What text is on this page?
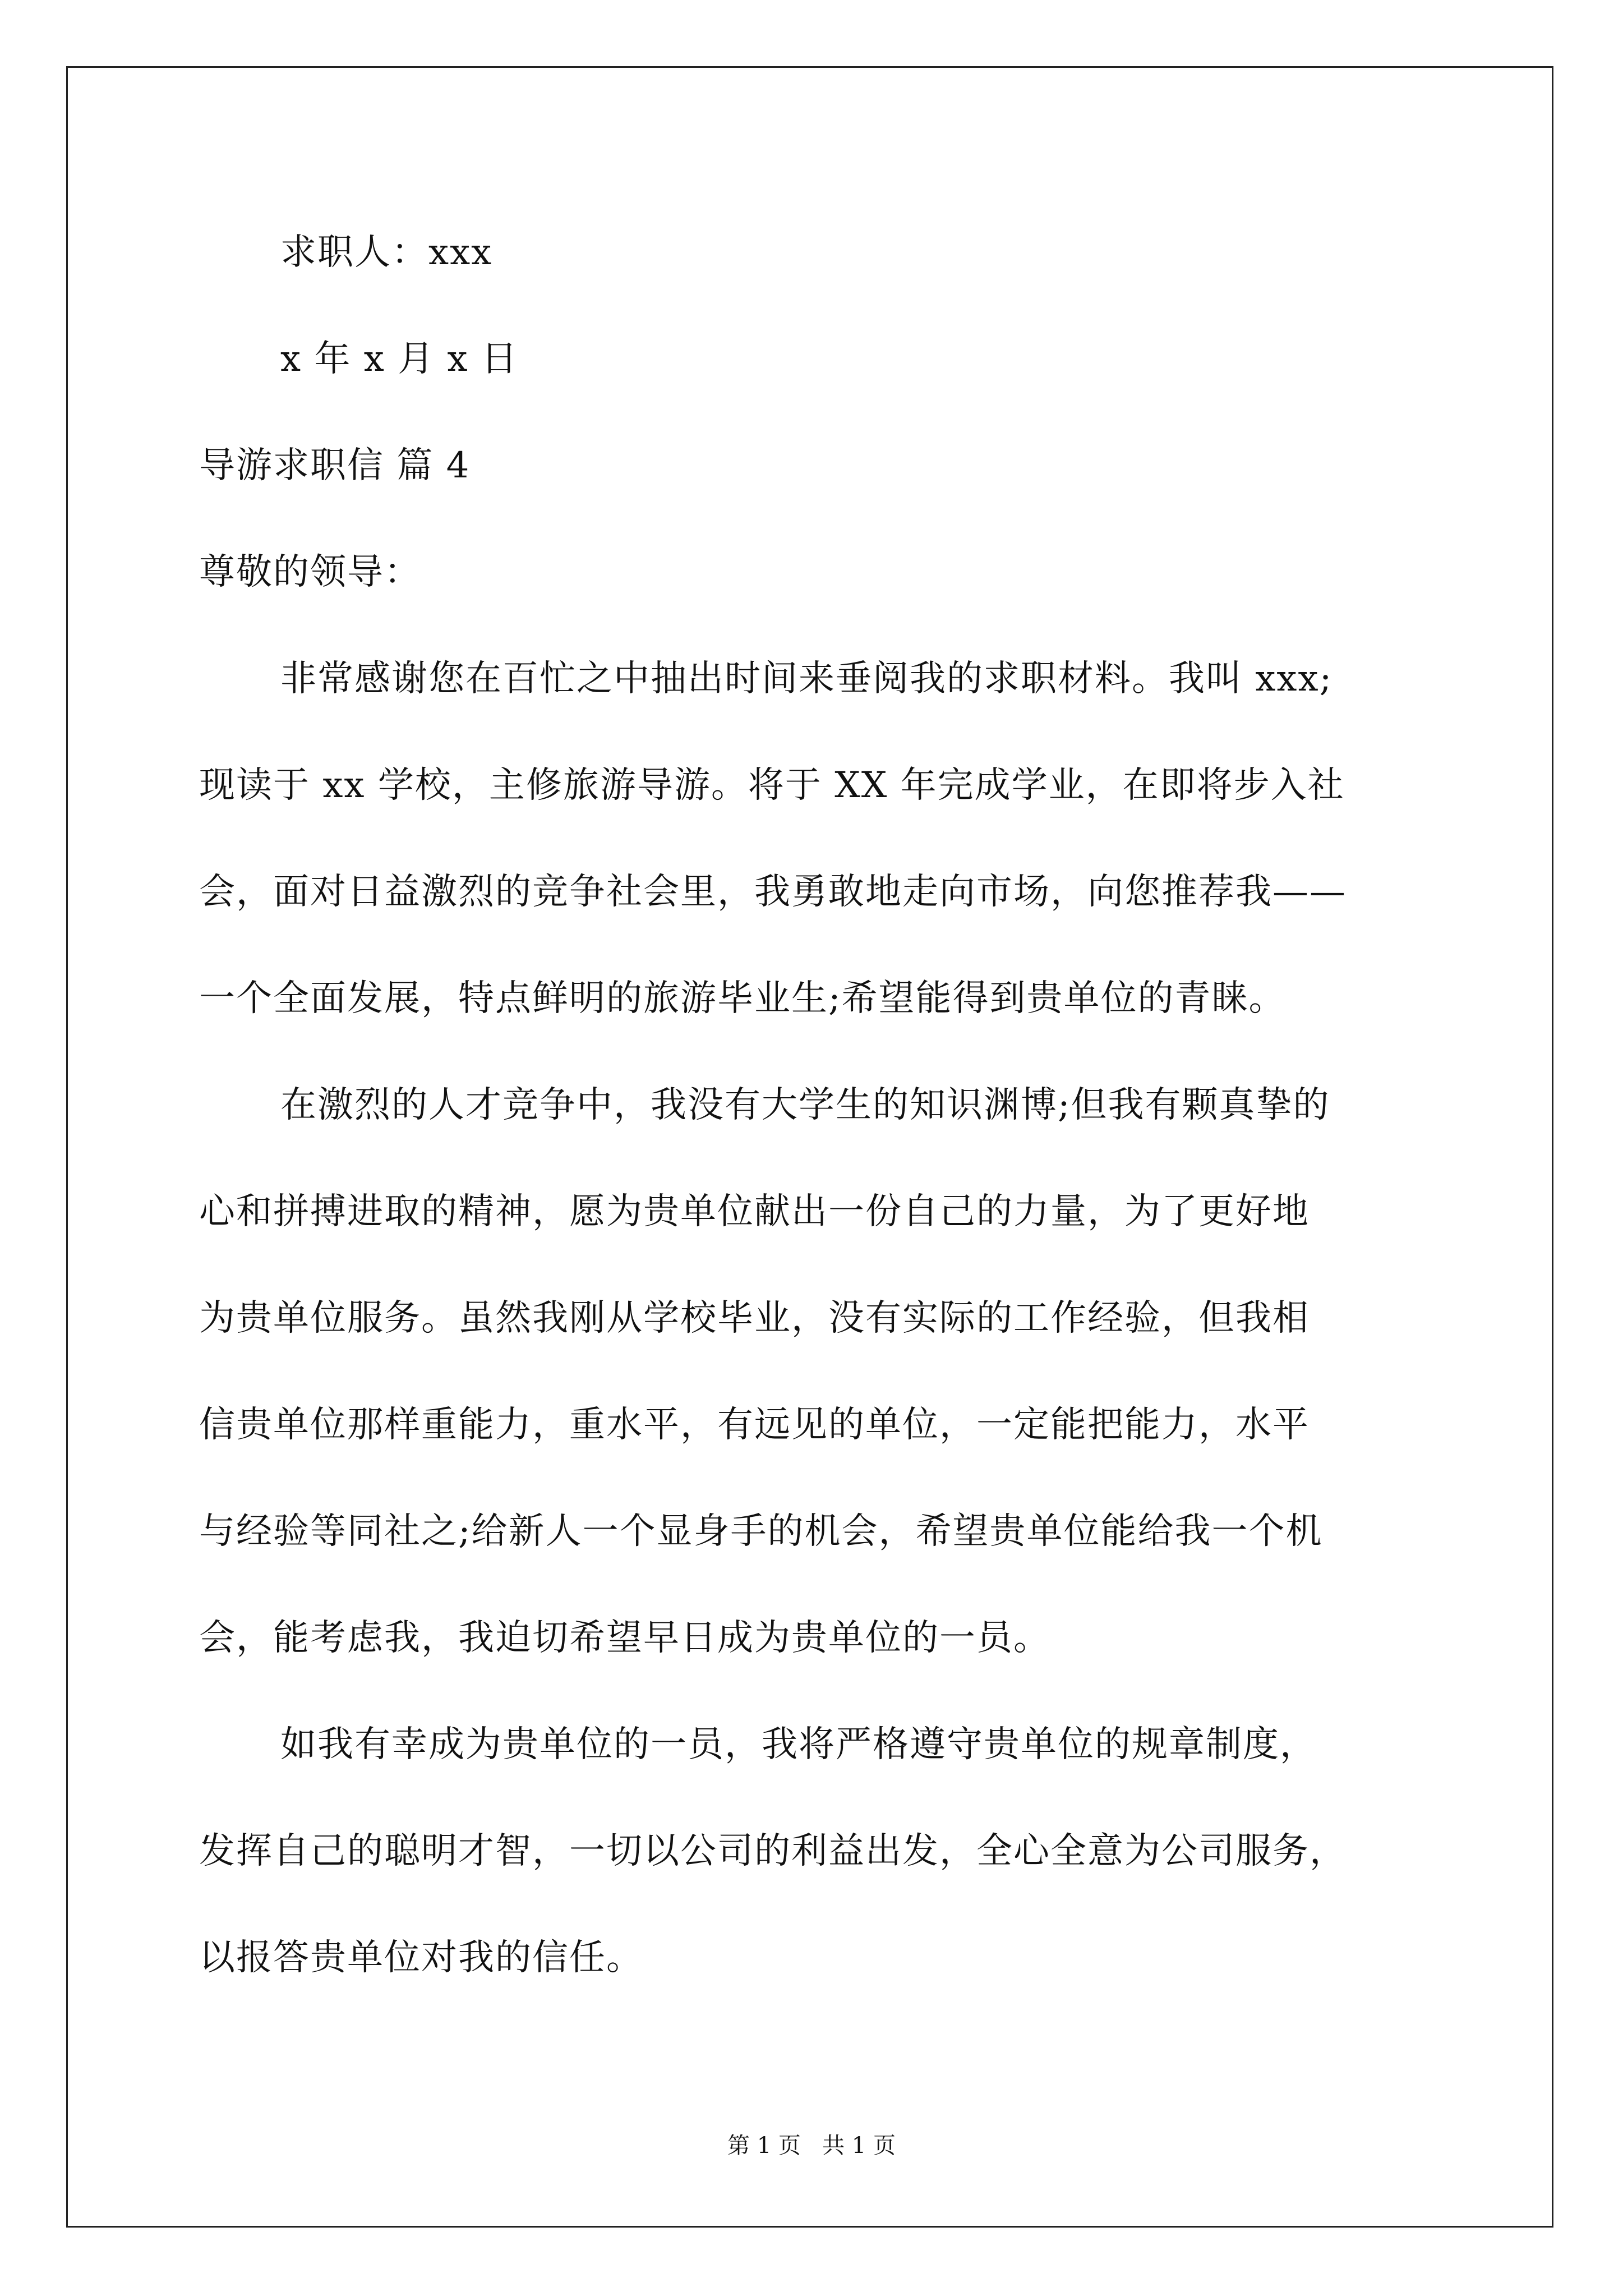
求职人：xxx
x 年 x 月 x 日
导游求职信 篇 4
尊敬的领导：
非常感谢您在百忙之中抽出时间来垂阅我的求职材料。我叫 xxx;
现读于 xx 学校，主修旅游导游。将于 XX 年完成学业，在即将步入社
会，面对日益激烈的竞争社会里，我勇敢地走向市场，向您推荐我——
一个全面发展，特点鲜明的旅游毕业生;希望能得到贵单位的青睐。
在激烈的人才竞争中，我没有大学生的知识渊博;但我有颗真挚的
心和拼搏进取的精神，愿为贵单位献出一份自己的力量，为了更好地
为贵单位服务。虽然我刚从学校毕业，没有实际的工作经验，但我相
信贵单位那样重能力，重水平，有远见的单位，一定能把能力，水平
与经验等同社之;给新人一个显身手的机会，希望贵单位能给我一个机
会，能考虑我，我迫切希望早日成为贵单位的一员。
如我有幸成为贵单位的一员，我将严格遵守贵单位的规章制度，
发挥自己的聪明才智，一切以公司的利益出发，全心全意为公司服务，
以报答贵单位对我的信任。
第 1 页   共 1 页
